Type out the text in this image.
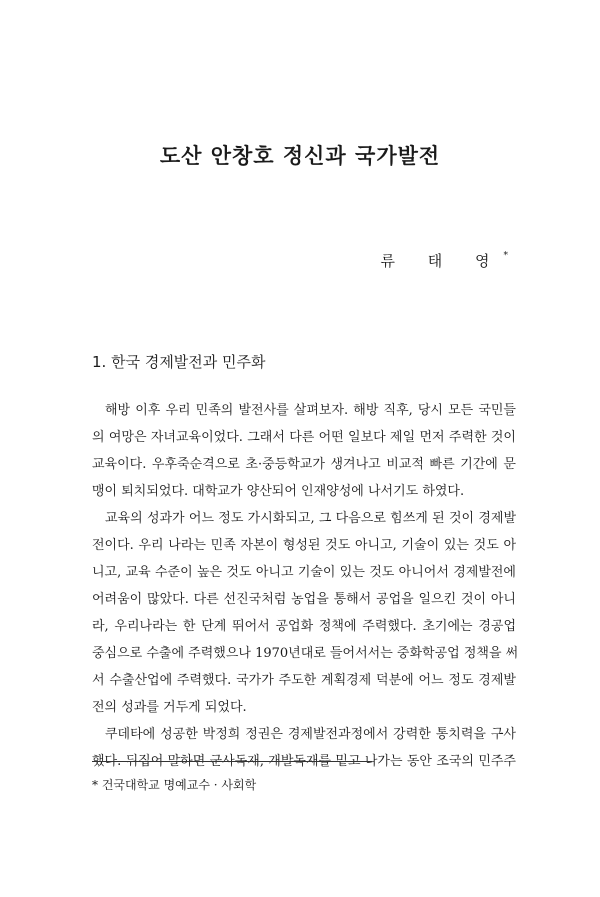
도산 안창호 정신과 국가발전
류 태 영*
1. 한국 경제발전과 민주화
해방 이후 우리 민족의 발전사를 살펴보자. 해방 직후, 당시 모든 국민들
의 여망은 자녀교육이었다. 그래서 다른 어떤 일보다 제일 먼저 주력한 것이
교육이다. 우후죽순격으로 초·중등학교가 생겨나고 비교적 빠른 기간에 문
맹이 퇴치되었다. 대학교가 양산되어 인재양성에 나서기도 하였다.
교육의 성과가 어느 정도 가시화되고, 그 다음으로 힘쓰게 된 것이 경제발
전이다. 우리 나라는 민족 자본이 형성된 것도 아니고, 기술이 있는 것도 아
니고, 교육 수준이 높은 것도 아니고 기술이 있는 것도 아니어서 경제발전에
어려움이 많았다. 다른 선진국처럼 농업을 통해서 공업을 일으킨 것이 아니
라, 우리나라는 한 단계 뛰어서 공업화 정책에 주력했다. 초기에는 경공업
중심으로 수출에 주력했으나 1970년대로 들어서서는 중화학공업 정책을 써
서 수출산업에 주력했다. 국가가 주도한 계획경제 덕분에 어느 정도 경제발
전의 성과를 거두게 되었다.
쿠데타에 성공한 박정희 정권은 경제발전과정에서 강력한 통치력을 구사
했다. 뒤집어 말하면 군사독재, 개발독재를 밑고 나가는 동안 조국의 민주주
* 건국대학교 명예교수 · 사회학
